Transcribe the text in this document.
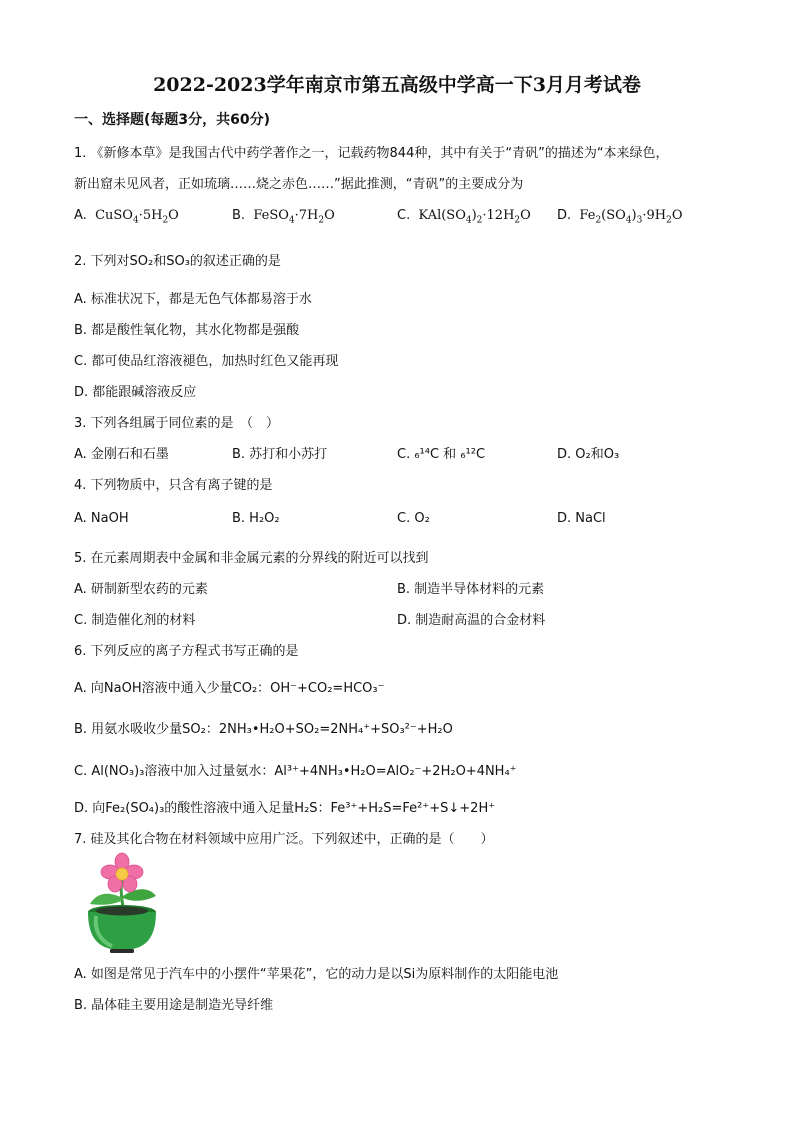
2022-2023学年南京市第五高级中学高一下3月月考试卷
一、选择题(每题3分，共60分)
1. 《新修本草》是我国古代中药学著作之一，记载药物844种，其中有关于“青矾”的描述为“本来绿色，
新出窟未见风者，正如琉璃……烧之赤色……”据此推测，“青矾”的主要成分为
A.  $CuSO_4\cdot 5H_2O$	B.  $FeSO_4\cdot 7H_2O$	C.  $KAl(SO_4)_2\cdot 12H_2O$ D.  $Fe_2(SO_4)_3\cdot 9H_2O$
2. 下列对SO₂和SO₃的叙述正确的是
A. 标准状况下，都是无色气体都易溶于水
B. 都是酸性氧化物，其水化物都是强酸
C. 都可使品红溶液褪色，加热时红色又能再现
D. 都能跟碱溶液反应
3. 下列各组属于同位素的是　（　）
A. 金刚石和石墨	B. 苏打和小苏打	C. ₆¹⁴C 和 ₆¹²C	D. O₂和O₃
4. 下列物质中，只含有离子键的是
A. NaOH	B. H₂O₂	C. O₂	D. NaCl
5. 在元素周期表中金属和非金属元素的分界线的附近可以找到
A. 研制新型农药的元素	B. 制造半导体材料的元素
C. 制造催化剂的材料	D. 制造耐高温的合金材料
6. 下列反应的离子方程式书写正确的是
A. 向NaOH溶液中通入少量CO₂：OH⁻+CO₂=HCO₃⁻
B. 用氨水吸收少量SO₂：2NH₃•H₂O+SO₂=2NH₄⁺+SO₃²⁻+H₂O
C. Al(NO₃)₃溶液中加入过量氨水：Al³⁺+4NH₃•H₂O=AlO₂⁻+2H₂O+4NH₄⁺
D. 向Fe₂(SO₄)₃的酸性溶液中通入足量H₂S：Fe³⁺+H₂S=Fe²⁺+S↓+2H⁺
7. 硅及其化合物在材料领域中应用广泛。下列叙述中，正确的是（　　）
A. 如图是常见于汽车中的小摆件“苹果花”，它的动力是以Si为原料制作的太阳能电池
B. 晶体硅主要用途是制造光导纤维
